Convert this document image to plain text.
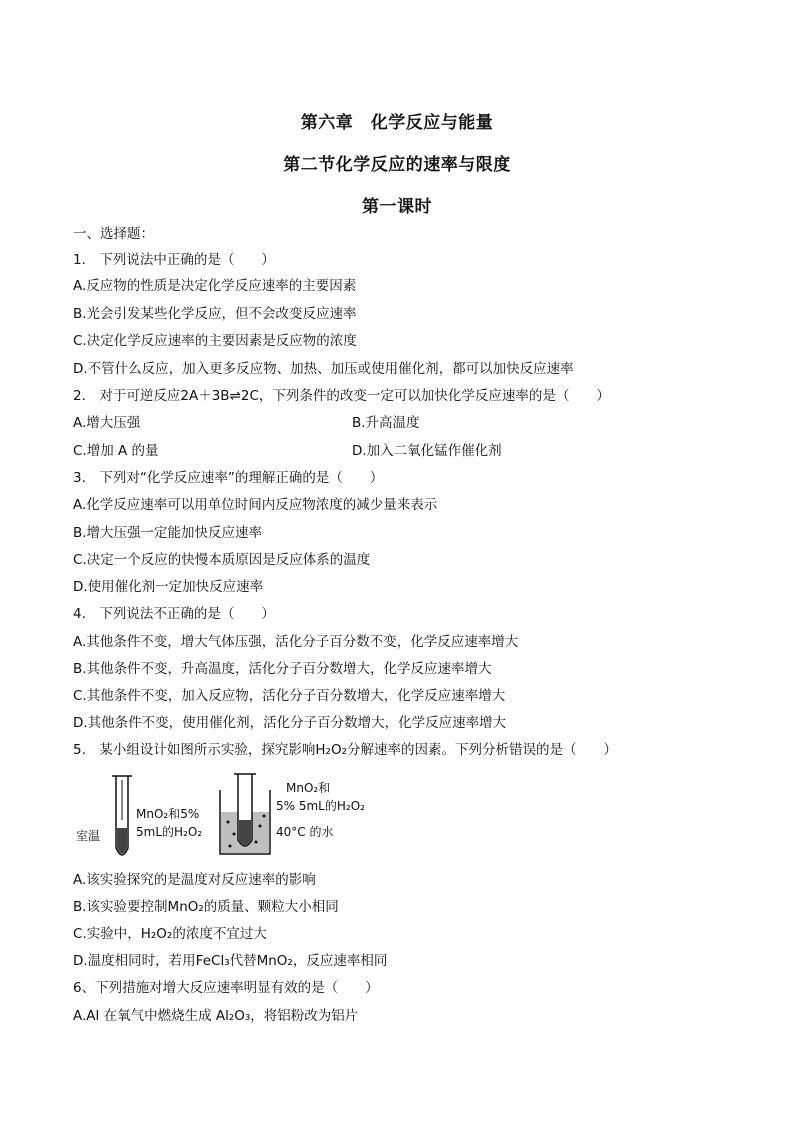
第六章　化学反应与能量
第二节化学反应的速率与限度
第一课时
一、选择题：
1.　下列说法中正确的是（　　）
A.反应物的性质是决定化学反应速率的主要因素
B.光会引发某些化学反应，但不会改变反应速率
C.决定化学反应速率的主要因素是反应物的浓度
D.不管什么反应，加入更多反应物、加热、加压或使用催化剂，都可以加快反应速率
2.　对于可逆反应2A＋3B⇌2C，下列条件的改变一定可以加快化学反应速率的是（　　）
A.增大压强	B.升高温度
C.增加 A 的量	D.加入二氧化锰作催化剂
3.　下列对“化学反应速率”的理解正确的是（　　）
A.化学反应速率可以用单位时间内反应物浓度的减少量来表示
B.增大压强一定能加快反应速率
C.决定一个反应的快慢本质原因是反应体系的温度
D.使用催化剂一定加快反应速率
4.　下列说法不正确的是（　　）
A.其他条件不变，增大气体压强，活化分子百分数不变，化学反应速率增大
B.其他条件不变，升高温度，活化分子百分数增大，化学反应速率增大
C.其他条件不变，加入反应物，活化分子百分数增大，化学反应速率增大
D.其他条件不变，使用催化剂，活化分子百分数增大，化学反应速率增大
5.　某小组设计如图所示实验，探究影响H₂O₂分解速率的因素。下列分析错误的是（　　）
室温
MnO₂和5%
5mL的H₂O₂
MnO₂和
5% 5mL的H₂O₂
40°C 的水
A.该实验探究的是温度对反应速率的影响
B.该实验要控制MnO₂的质量、颗粒大小相同
C.实验中，H₂O₂的浓度不宜过大
D.温度相同时，若用FeCl₃代替MnO₂，反应速率相同
6、下列措施对增大反应速率明显有效的是（　　）
A.Al 在氧气中燃烧生成 Al₂O₃，将铝粉改为铝片
